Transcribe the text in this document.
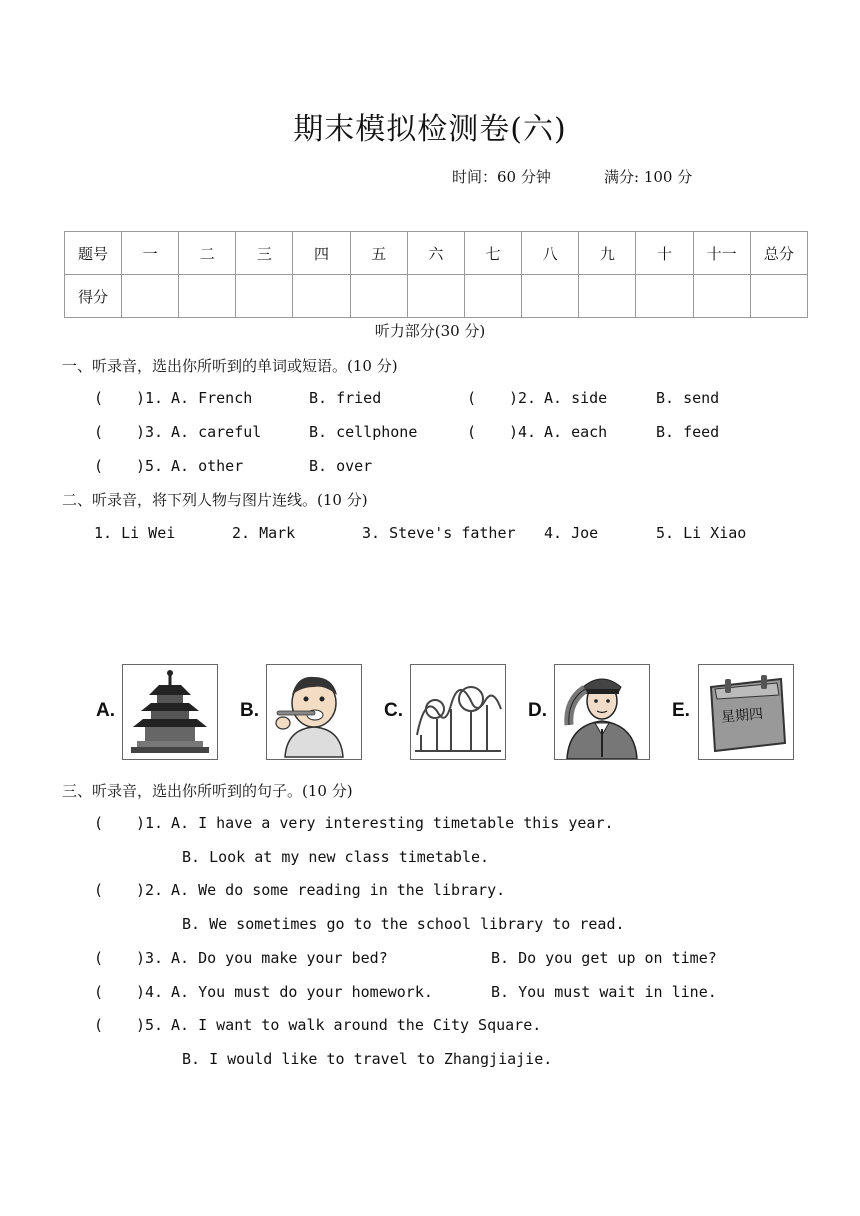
期末模拟检测卷(六)
时间：60 分钟	满分: 100 分
题号	一	二	三	四	五	六	七	八	九	十	十一	总分
得分												
听力部分(30 分)
一、听录音，选出你所听到的单词或短语。(10 分)
( )1. A. French	B. fried	( )2. A. side	B. send
( )3. A. careful	B. cellphone	( )4. A. each	B. feed
( )5. A. other	B. over
二、听录音，将下列人物与图片连线。(10 分)
1. Li Wei	2. Mark	3. Steve's father 4. Joe	5. Li Xiao
A.	B.	C.	D.	E. 星期四
三、听录音，选出你所听到的句子。(10 分)
( )1. A. I have a very interesting timetable this year.
B. Look at my new class timetable.
( )2. A. We do some reading in the library.
B. We sometimes go to the school library to read.
( )3. A. Do you make your bed?	B. Do you get up on time?
( )4. A. You must do your homework.	B. You must wait in line.
( )5. A. I want to walk around the City Square.
B. I would like to travel to Zhangjiajie.
